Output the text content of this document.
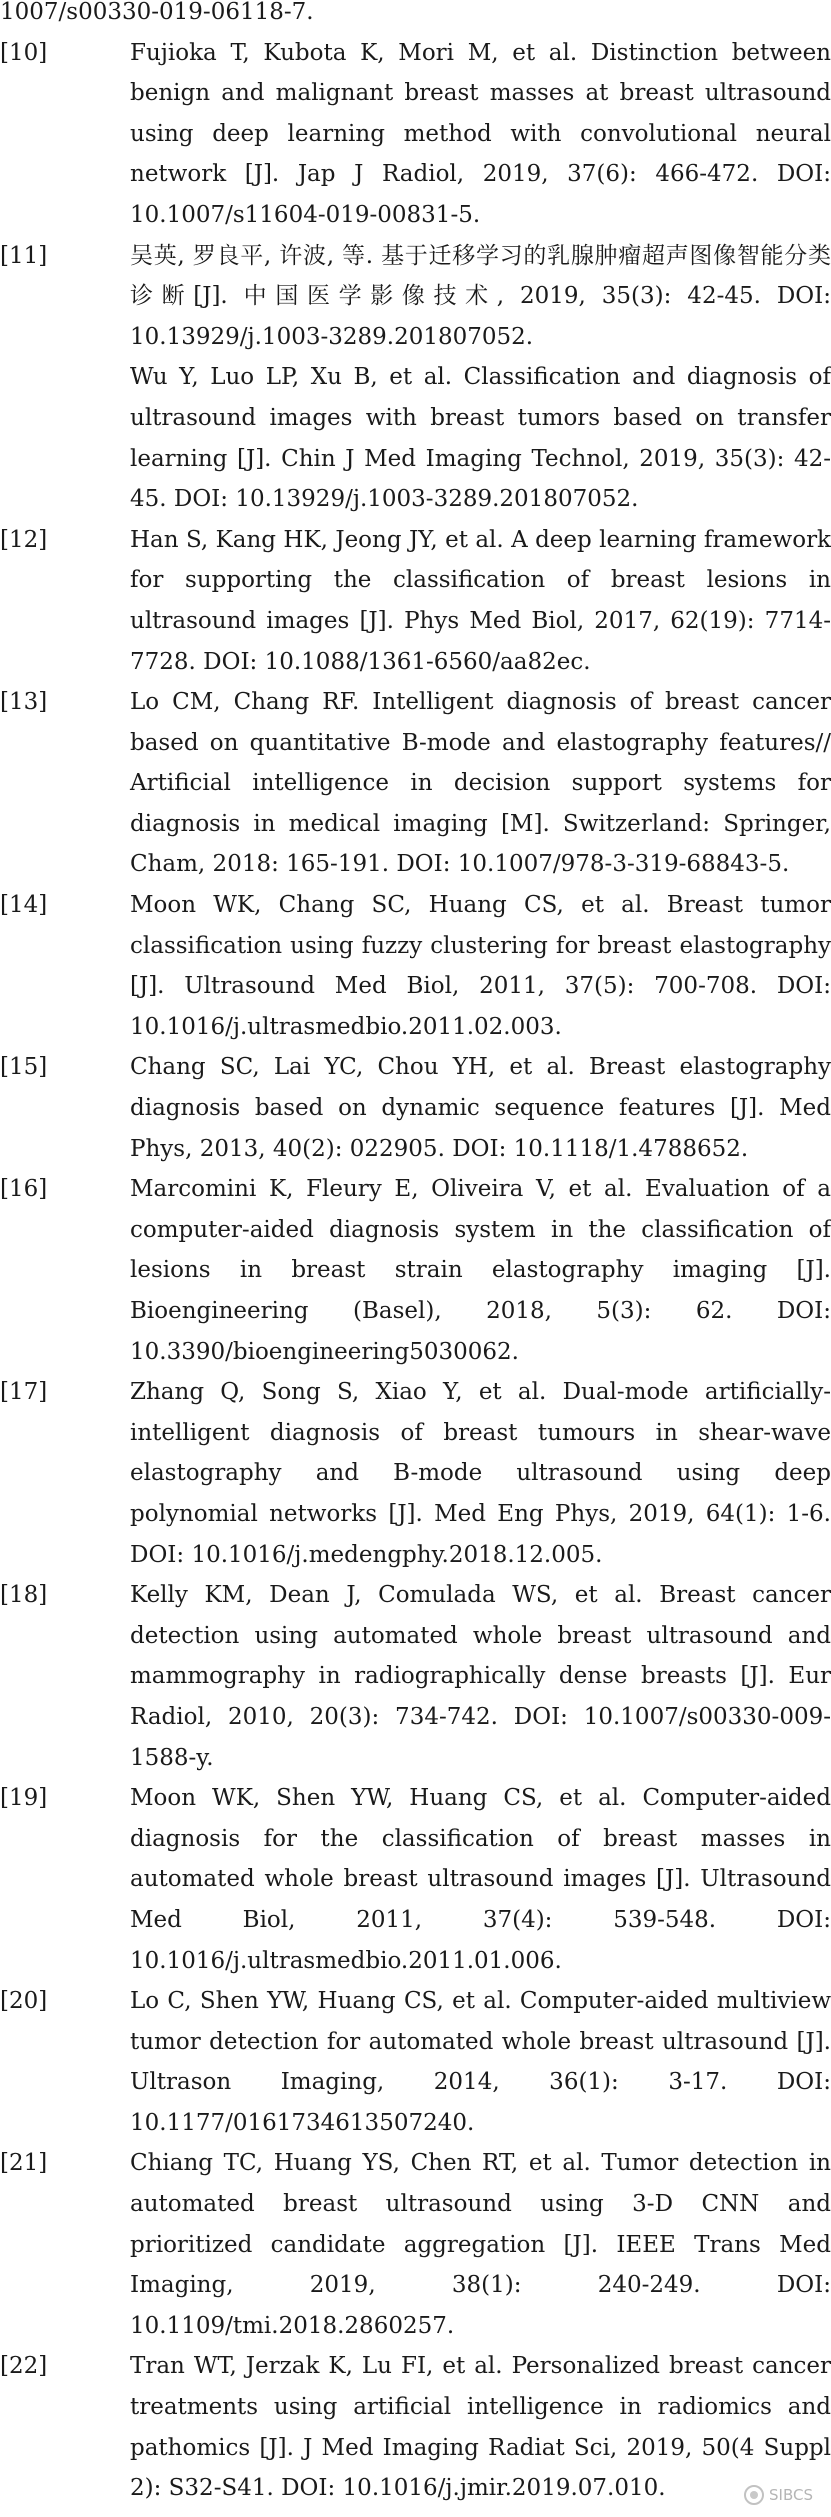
1007/s00330-019-06118-7.
[10]	Fujioka T, Kubota K, Mori M, et al. Distinction between benign and malignant breast masses at breast ultrasound using deep learning method with convolutional neural network [J]. Jap J Radiol, 2019, 37(6): 466-472. DOI: 10.1007/s11604-019-00831-5.

[11]	吴英, 罗良平, 许波, 等. 基于迁移学习的乳腺肿瘤超声图像智能分类诊断[J]. 中国医学影像技术, 2019, 35(3): 42-45. DOI: 10.13929/j.1003-3289.201807052.

Wu Y, Luo LP, Xu B, et al. Classification and diagnosis of ultrasound images with breast tumors based on transfer learning [J]. Chin J Med Imaging Technol, 2019, 35(3): 42-45. DOI: 10.13929/j.1003-3289.201807052.

[12]	Han S, Kang HK, Jeong JY, et al. A deep learning framework for supporting the classification of breast lesions in ultrasound images [J]. Phys Med Biol, 2017, 62(19): 7714-7728. DOI: 10.1088/1361-6560/aa82ec.

[13]	Lo CM, Chang RF. Intelligent diagnosis of breast cancer based on quantitative B-mode and elastography features// Artificial intelligence in decision support systems for diagnosis in medical imaging [M]. Switzerland: Springer, Cham, 2018: 165-191. DOI: 10.1007/978-3-319-68843-5.

[14]	Moon WK, Chang SC, Huang CS, et al. Breast tumor classification using fuzzy clustering for breast elastography [J]. Ultrasound Med Biol, 2011, 37(5): 700-708. DOI: 10.1016/j.ultrasmedbio.2011.02.003.

[15]	Chang SC, Lai YC, Chou YH, et al. Breast elastography diagnosis based on dynamic sequence features [J]. Med Phys, 2013, 40(2): 022905. DOI: 10.1118/1.4788652.

[16]	Marcomini K, Fleury E, Oliveira V, et al. Evaluation of a computer-aided diagnosis system in the classification of lesions in breast strain elastography imaging [J]. Bioengineering (Basel), 2018, 5(3): 62. DOI: 10.3390/bioengineering5030062.

[17]	Zhang Q, Song S, Xiao Y, et al. Dual-mode artificially-intelligent diagnosis of breast tumours in shear-wave elastography and B-mode ultrasound using deep polynomial networks [J]. Med Eng Phys, 2019, 64(1): 1-6. DOI: 10.1016/j.medengphy.2018.12.005.

[18]	Kelly KM, Dean J, Comulada WS, et al. Breast cancer detection using automated whole breast ultrasound and mammography in radiographically dense breasts [J]. Eur Radiol, 2010, 20(3): 734-742. DOI: 10.1007/s00330-009-1588-y.

[19]	Moon WK, Shen YW, Huang CS, et al. Computer-aided diagnosis for the classification of breast masses in automated whole breast ultrasound images [J]. Ultrasound Med Biol, 2011, 37(4): 539-548. DOI: 10.1016/j.ultrasmedbio.2011.01.006.

[20]	Lo C, Shen YW, Huang CS, et al. Computer-aided multiview tumor detection for automated whole breast ultrasound [J]. Ultrason Imaging, 2014, 36(1): 3-17. DOI: 10.1177/0161734613507240.

[21]	Chiang TC, Huang YS, Chen RT, et al. Tumor detection in automated breast ultrasound using 3-D CNN and prioritized candidate aggregation [J]. IEEE Trans Med Imaging, 2019, 38(1): 240-249. DOI: 10.1109/tmi.2018.2860257.

[22]	Tran WT, Jerzak K, Lu FI, et al. Personalized breast cancer treatments using artificial intelligence in radiomics and pathomics [J]. J Med Imaging Radiat Sci, 2019, 50(4 Suppl 2): S32-S41. DOI: 10.1016/j.jmir.2019.07.010.	SIBCS
